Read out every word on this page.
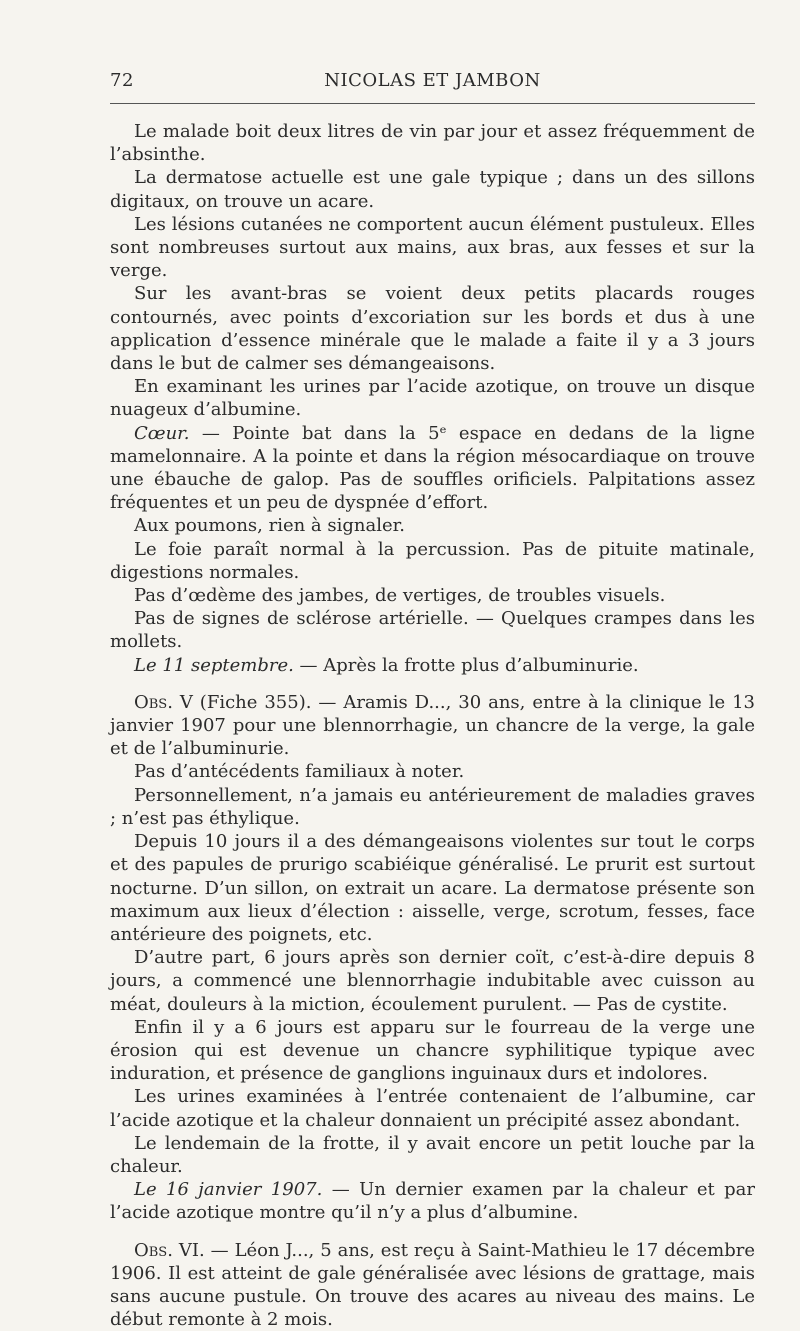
72	NICOLAS ET JAMBON

Le malade boit deux litres de vin par jour et assez fréquemment de l’absinthe.

La dermatose actuelle est une gale typique ; dans un des sillons digitaux, on trouve un acare.

Les lésions cutanées ne comportent aucun élément pustuleux. Elles sont nombreuses surtout aux mains, aux bras, aux fesses et sur la verge.

Sur les avant-bras se voient deux petits placards rouges contournés, avec points d’excoriation sur les bords et dus à une application d’essence minérale que le malade a faite il y a 3 jours dans le but de calmer ses démangeaisons.

En examinant les urines par l’acide azotique, on trouve un disque nuageux d’albumine.

Cœur. — Pointe bat dans la 5ᵉ espace en dedans de la ligne mamelonnaire. A la pointe et dans la région mésocardiaque on trouve une ébauche de galop. Pas de souffles orificiels. Palpitations assez fréquentes et un peu de dyspnée d’effort.

Aux poumons, rien à signaler.

Le foie paraît normal à la percussion. Pas de pituite matinale, digestions normales.

Pas d’œdème des jambes, de vertiges, de troubles visuels.

Pas de signes de sclérose artérielle. — Quelques crampes dans les mollets.

Le 11 septembre. — Après la frotte plus d’albuminurie.

Obs. V (Fiche 355). — Aramis D..., 30 ans, entre à la clinique le 13 janvier 1907 pour une blennorrhagie, un chancre de la verge, la gale et de l’albuminurie.

Pas d’antécédents familiaux à noter.

Personnellement, n’a jamais eu antérieurement de maladies graves ; n’est pas éthylique.

Depuis 10 jours il a des démangeaisons violentes sur tout le corps et des papules de prurigo scabiéique généralisé. Le prurit est surtout nocturne. D’un sillon, on extrait un acare. La dermatose présente son maximum aux lieux d’élection : aisselle, verge, scrotum, fesses, face antérieure des poignets, etc.

D’autre part, 6 jours après son dernier coït, c’est-à-dire depuis 8 jours, a commencé une blennorrhagie indubitable avec cuisson au méat, douleurs à la miction, écoulement purulent. — Pas de cystite.

Enfin il y a 6 jours est apparu sur le fourreau de la verge une érosion qui est devenue un chancre syphilitique typique avec induration, et présence de ganglions inguinaux durs et indolores.

Les urines examinées à l’entrée contenaient de l’albumine, car l’acide azotique et la chaleur donnaient un précipité assez abondant.

Le lendemain de la frotte, il y avait encore un petit louche par la chaleur.

Le 16 janvier 1907. — Un dernier examen par la chaleur et par l’acide azotique montre qu’il n’y a plus d’albumine.

Obs. VI. — Léon J..., 5 ans, est reçu à Saint-Mathieu le 17 décembre 1906. Il est atteint de gale généralisée avec lésions de grattage, mais sans aucune pustule. On trouve des acares au niveau des mains. Le début remonte à 2 mois.
